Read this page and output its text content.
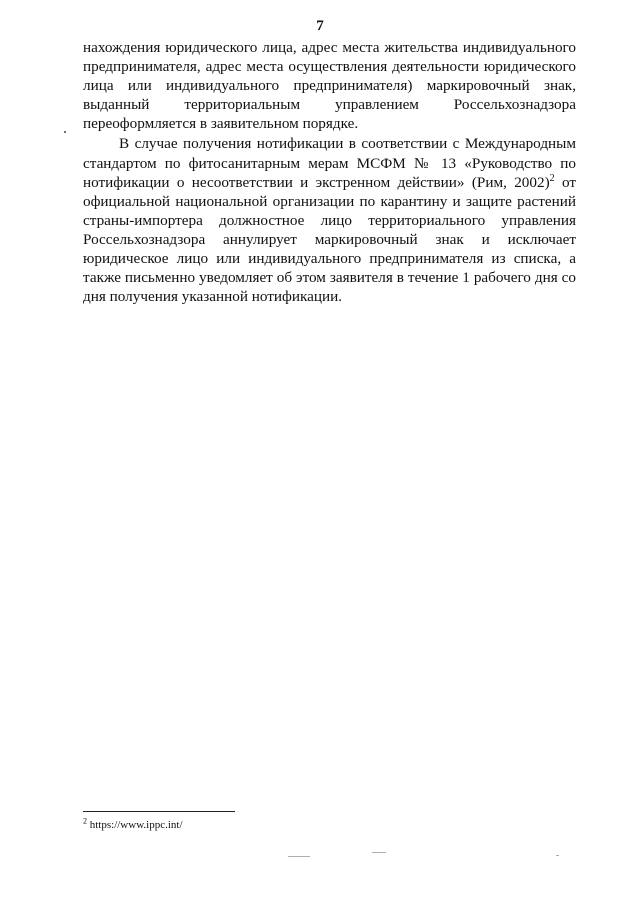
7

нахождения юридического лица, адрес места жительства индивидуального предпринимателя, адрес места осуществления деятельности юридического лица или индивидуального предпринимателя) маркировочный знак, выданный территориальным управлением Россельхознадзора переоформляется в заявительном порядке.

В случае получения нотификации в соответствии с Международным стандартом по фитосанитарным мерам МСФМ № 13 «Руководство по нотификации о несоответствии и экстренном действии» (Рим, 2002)$^2$ от официальной национальной организации по карантину и защите растений страны-импортера должностное лицо территориального управления Россельхознадзора аннулирует маркировочный знак и исключает юридическое лицо или индивидуального предпринимателя из списка, а также письменно уведомляет об этом заявителя в течение 1 рабочего дня со дня получения указанной нотификации.

$^2$ https://www.ippc.int/
